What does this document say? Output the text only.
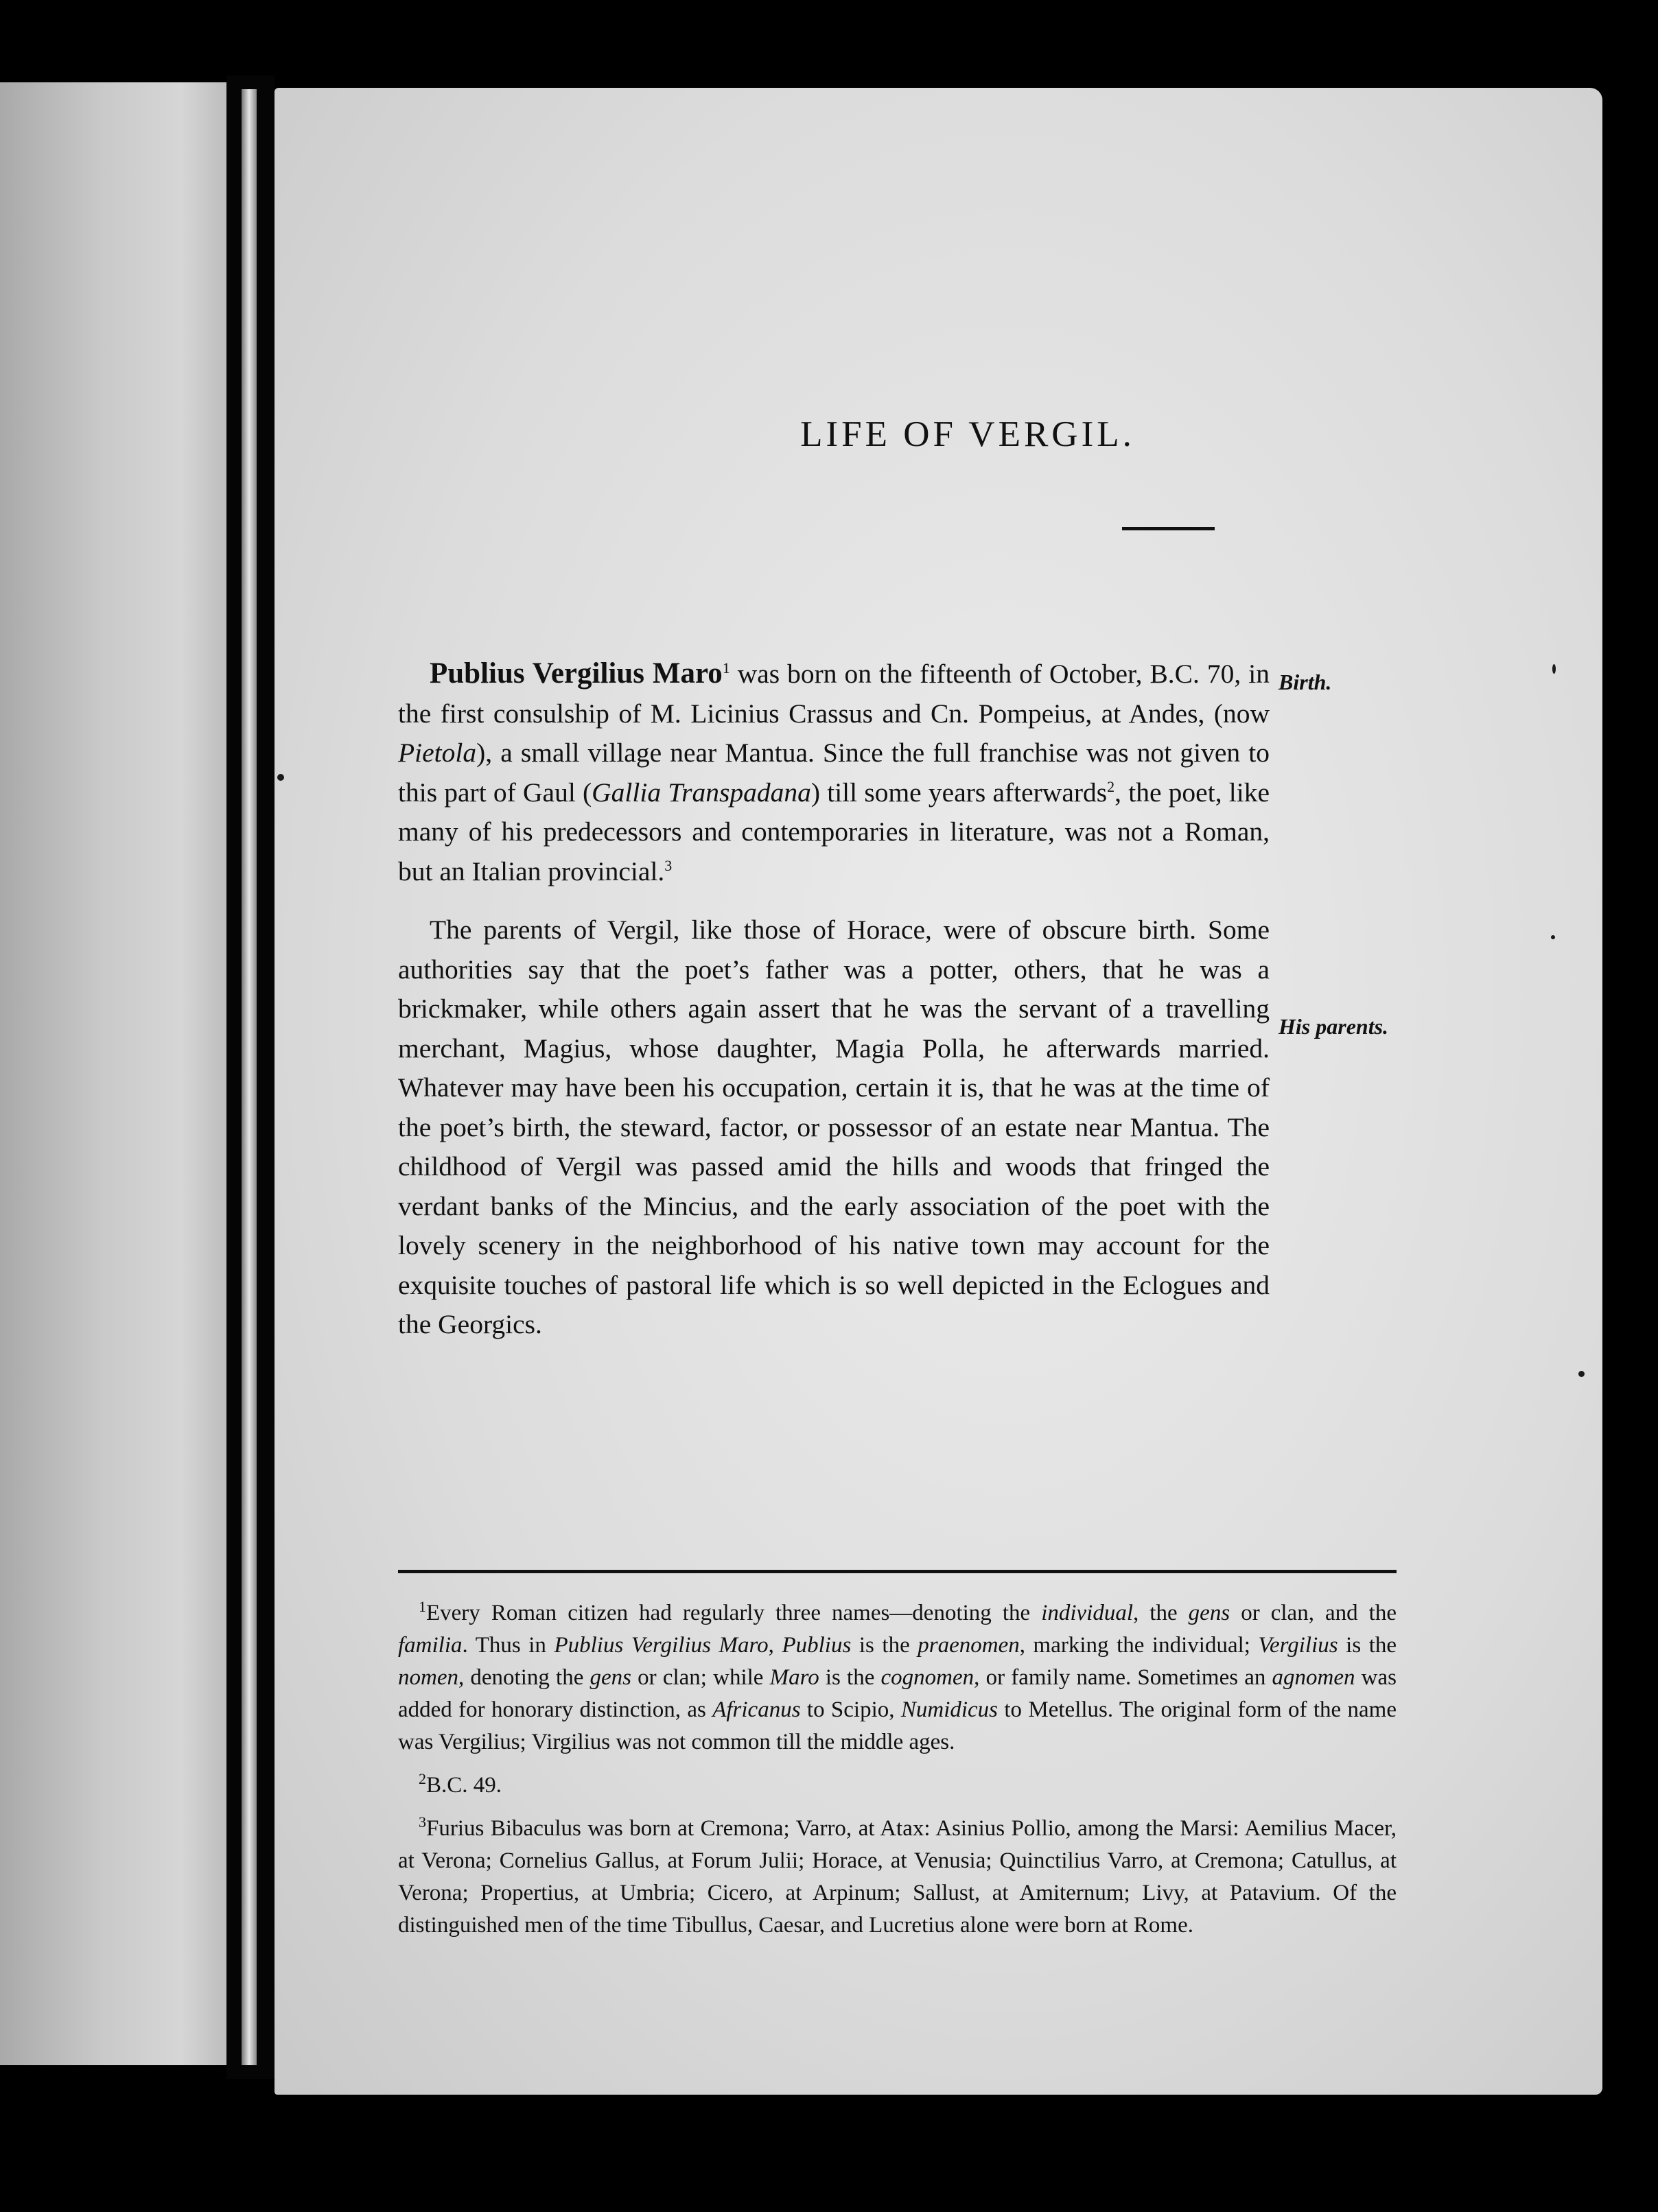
LIFE OF VERGIL.
Birth.
His parents.

Publius Vergilius Maro$^1$ was born on the fifteenth of October, B.C. 70, in the first consulship of M. Licinius Crassus and Cn. Pompeius, at Andes, (now Pietola), a small village near Mantua. Since the full franchise was not given to this part of Gaul (Gallia Transpadana) till some years afterwards$^2$, the poet, like many of his predecessors and contemporaries in literature, was not a Roman, but an Italian provincial.$^3$

The parents of Vergil, like those of Horace, were of obscure birth. Some authorities say that the poet’s father was a potter, others, that he was a brickmaker, while others again assert that he was the servant of a travelling merchant, Magius, whose daughter, Magia Polla, he afterwards married. Whatever may have been his occupation, certain it is, that he was at the time of the poet’s birth, the steward, factor, or possessor of an estate near Mantua. The childhood of Vergil was passed amid the hills and woods that fringed the verdant banks of the Mincius, and the early association of the poet with the lovely scenery in the neighborhood of his native town may account for the exquisite touches of pastoral life which is so well depicted in the Eclogues and the Georgics.

$^1$Every Roman citizen had regularly three names—denoting the individual, the gens or clan, and the familia. Thus in Publius Vergilius Maro, Publius is the praenomen, marking the individual; Vergilius is the nomen, denoting the gens or clan; while Maro is the cognomen, or family name. Sometimes an agnomen was added for honorary distinction, as Africanus to Scipio, Numidicus to Metellus. The original form of the name was Vergilius; Virgilius was not common till the middle ages.

$^2$B.C. 49.

$^3$Furius Bibaculus was born at Cremona; Varro, at Atax: Asinius Pollio, among the Marsi: Aemilius Macer, at Verona; Cornelius Gallus, at Forum Julii; Horace, at Venusia; Quinctilius Varro, at Cremona; Catullus, at Verona; Propertius, at Umbria; Cicero, at Arpinum; Sallust, at Amiternum; Livy, at Patavium. Of the distinguished men of the time Tibullus, Caesar, and Lucretius alone were born at Rome.
